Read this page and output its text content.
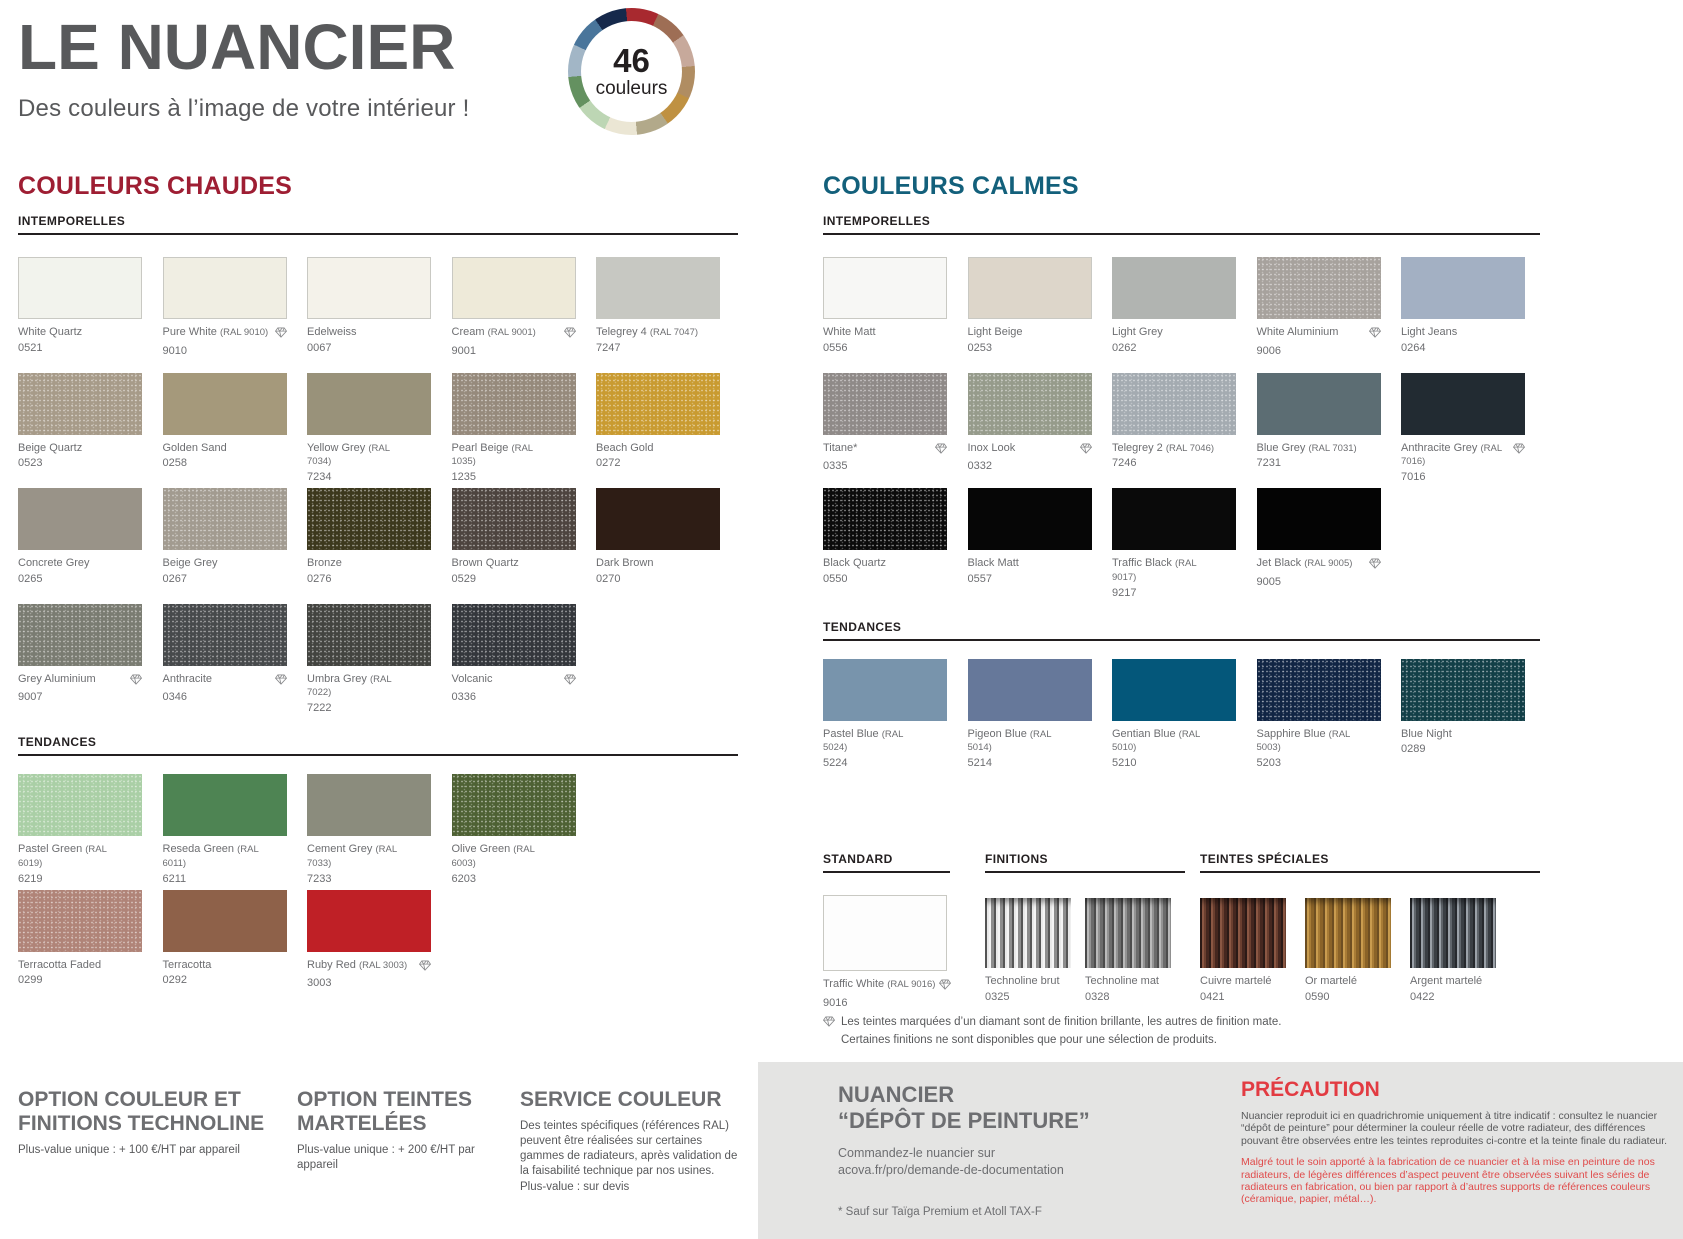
LE NUANCIER
Des couleurs à l’image de votre intérieur !
46
couleurs
COULEURS CHAUDES
INTEMPORELLES
White Quartz
0521
Pure White (RAL 9010)
9010
Edelweiss
0067
Cream (RAL 9001)
9001
Telegrey 4 (RAL 7047)
7247
Beige Quartz
0523
Golden Sand
0258
Yellow Grey (RAL 7034)
7234
Pearl Beige (RAL 1035)
1235
Beach Gold
0272
Concrete Grey
0265
Beige Grey
0267
Bronze
0276
Brown Quartz
0529
Dark Brown
0270
Grey Aluminium
9007
Anthracite
0346
Umbra Grey (RAL 7022)
7222
Volcanic
0336
TENDANCES
Pastel Green (RAL 6019)
6219
Reseda Green (RAL 6011)
6211
Cement Grey (RAL 7033)
7233
Olive Green (RAL 6003)
6203
Terracotta Faded
0299
Terracotta
0292
Ruby Red (RAL 3003)
3003
COULEURS CALMES
INTEMPORELLES
White Matt
0556
Light Beige
0253
Light Grey
0262
White Aluminium
9006
Light Jeans
0264
Titane*
0335
Inox Look
0332
Telegrey 2 (RAL 7046)
7246
Blue Grey (RAL 7031)
7231
Anthracite Grey (RAL 7016)
7016
Black Quartz
0550
Black Matt
0557
Traffic Black (RAL 9017)
9217
Jet Black (RAL 9005)
9005
TENDANCES
Pastel Blue (RAL 5024)
5224
Pigeon Blue (RAL 5014)
5214
Gentian Blue (RAL 5010)
5210
Sapphire Blue (RAL 5003)
5203
Blue Night
0289
STANDARD
Traffic White (RAL 9016)
9016
FINITIONS
Technoline brut
0325
Technoline mat
0328
TEINTES SPÉCIALES
Cuivre martelé
0421
Or martelé
0590
Argent martelé
0422
Les teintes marquées d’un diamant sont de finition brillante, les autres de finition mate.
Certaines finitions ne sont disponibles que pour une sélection de produits.
NUANCIER
“DÉPÔT DE PEINTURE”
Commandez-le nuancier sur
acova.fr/pro/demande-de-documentation
* Sauf sur Taïga Premium et Atoll TAX-F
PRÉCAUTION
Nuancier reproduit ici en quadrichromie uniquement à titre indicatif : consultez le nuancier “dépôt de peinture” pour déterminer la couleur réelle de votre radiateur, des différences pouvant être observées entre les teintes reproduites ci-contre et la teinte finale du radiateur.
Malgré tout le soin apporté à la fabrication de ce nuancier et à la mise en peinture de nos radiateurs, de légères différences d’aspect peuvent être observées suivant les séries de radiateurs en fabrication, ou bien par rapport à d’autres supports de références couleurs (céramique, papier, métal…).
OPTION COULEUR ET FINITIONS TECHNOLINE
Plus-value unique : + 100 €/HT par appareil
OPTION TEINTES MARTELÉES
Plus-value unique : + 200 €/HT par appareil
SERVICE COULEUR
Des teintes spécifiques (références RAL) peuvent être réalisées sur certaines gammes de radiateurs, après validation de la faisabilité technique par nos usines.
Plus-value : sur devis
